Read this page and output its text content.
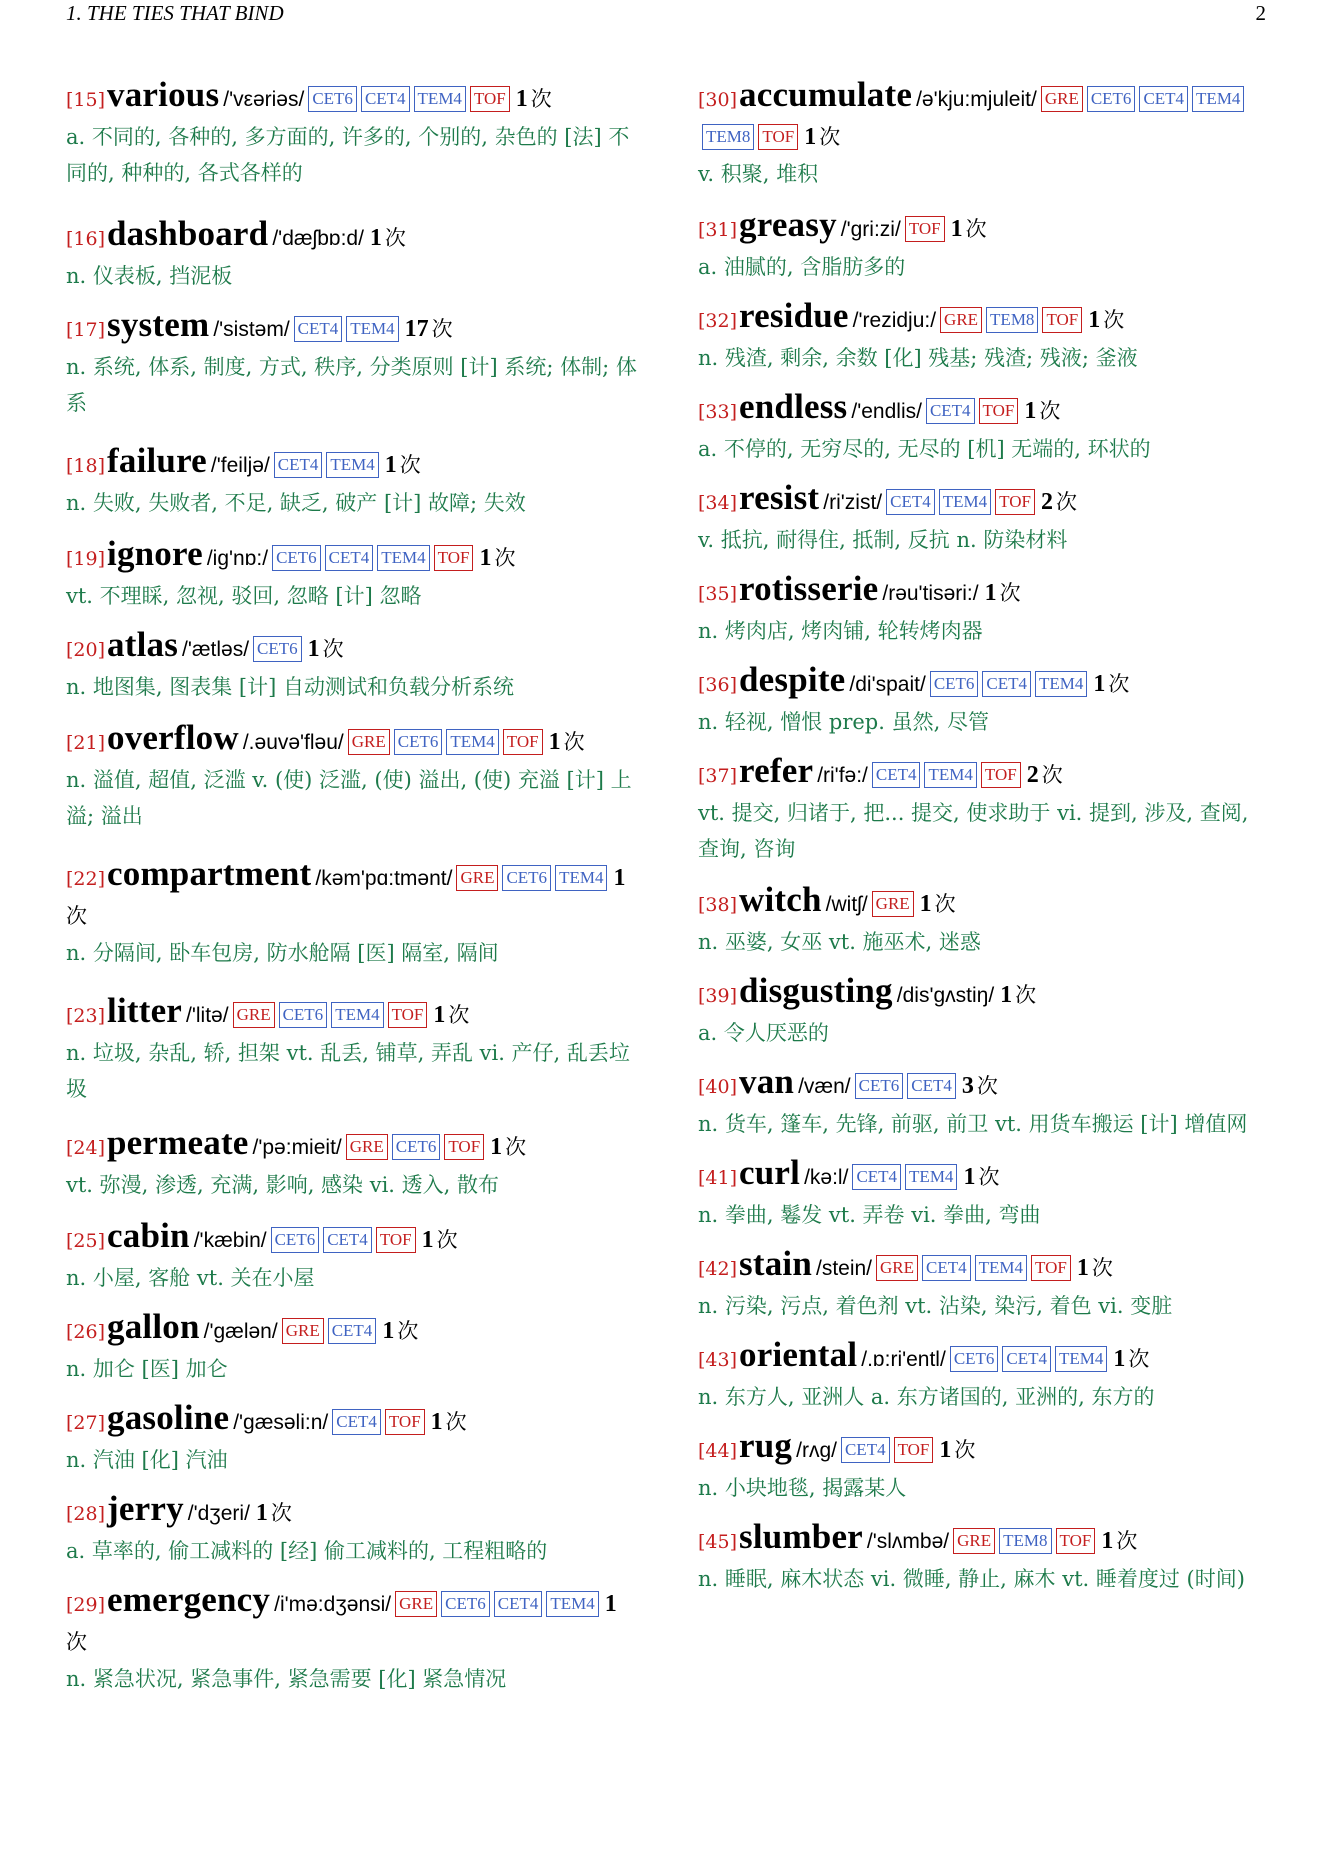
1. THE TIES THAT BIND	2
[15]various /'vεəriəs/ CET6 CET4 TEM4 TOF 1 次
a. 不同的, 各种的, 多方面的, 许多的, 个别的, 杂色的 [法] 不同的, 种种的, 各式各样的
[16]dashboard /'dæʃbɒ:d/ 1 次
n. 仪表板, 挡泥板
[17]system /'sistəm/ CET4 TEM4 17 次
n. 系统, 体系, 制度, 方式, 秩序, 分类原则 [计] 系统; 体制; 体系
[18]failure /'feiljə/ CET4 TEM4 1 次
n. 失败, 失败者, 不足, 缺乏, 破产 [计] 故障; 失效
[19]ignore /ig'nɒ:/ CET6 CET4 TEM4 TOF 1 次
vt. 不理睬, 忽视, 驳回, 忽略 [计] 忽略
[20]atlas /'ætləs/ CET6 1 次
n. 地图集, 图表集 [计] 自动测试和负载分析系统
[21]overflow /.əuvə'fləu/ GRE CET6 TEM4 TOF 1 次
n. 溢值, 超值, 泛滥 v. (使) 泛滥, (使) 溢出, (使) 充溢 [计] 上溢; 溢出
[22]compartment /kəm'pɑ:tmənt/ GRE CET6 TEM4 1次
n. 分隔间, 卧车包房, 防水舱隔 [医] 隔室, 隔间
[23]litter /'litə/ GRE CET6 TEM4 TOF 1 次
n. 垃圾, 杂乱, 轿, 担架 vt. 乱丢, 铺草, 弄乱 vi. 产仔, 乱丢垃圾
[24]permeate /'pə:mieit/ GRE CET6 TOF 1 次
vt. 弥漫, 渗透, 充满, 影响, 感染 vi. 透入, 散布
[25]cabin /'kæbin/ CET6 CET4 TOF 1 次
n. 小屋, 客舱 vt. 关在小屋
[26]gallon /'gælən/ GRE CET4 1 次
n. 加仑 [医] 加仑
[27]gasoline /'gæsəli:n/ CET4 TOF 1 次
n. 汽油 [化] 汽油
[28]jerry /'dʒeri/ 1 次
a. 草率的, 偷工减料的 [经] 偷工减料的, 工程粗略的
[29]emergency /i'mə:dʒənsi/ GRE CET6 CET4 TEM4 1次
n. 紧急状况, 紧急事件, 紧急需要 [化] 紧急情况
[30]accumulate /ə'kju:mjuleit/ GRE CET6 CET4 TEM4TEM8 TOF 1 次
v. 积聚, 堆积
[31]greasy /'gri:zi/ TOF 1 次
a. 油腻的, 含脂肪多的
[32]residue /'rezidju:/ GRE TEM8 TOF 1 次
n. 残渣, 剩余, 余数 [化] 残基; 残渣; 残液; 釜液
[33]endless /'endlis/ CET4 TOF 1 次
a. 不停的, 无穷尽的, 无尽的 [机] 无端的, 环状的
[34]resist /ri'zist/ CET4 TEM4 TOF 2 次
v. 抵抗, 耐得住, 抵制, 反抗 n. 防染材料
[35]rotisserie /rəu'tisəri:/ 1 次
n. 烤肉店, 烤肉铺, 轮转烤肉器
[36]despite /di'spait/ CET6 CET4 TEM4 1 次
n. 轻视, 憎恨 prep. 虽然, 尽管
[37]refer /ri'fə:/ CET4 TEM4 TOF 2 次
vt. 提交, 归诸于, 把... 提交, 使求助于 vi. 提到, 涉及, 查阅, 查询, 咨询
[38]witch /witʃ/ GRE 1 次
n. 巫婆, 女巫 vt. 施巫术, 迷惑
[39]disgusting /dis'gʌstiŋ/ 1 次
a. 令人厌恶的
[40]van /væn/ CET6 CET4 3 次
n. 货车, 篷车, 先锋, 前驱, 前卫 vt. 用货车搬运 [计] 增值网
[41]curl /kə:l/ CET4 TEM4 1 次
n. 拳曲, 鬈发 vt. 弄卷 vi. 拳曲, 弯曲
[42]stain /stein/ GRE CET4 TEM4 TOF 1 次
n. 污染, 污点, 着色剂 vt. 沾染, 染污, 着色 vi. 变脏
[43]oriental /.ɒ:ri'entl/ CET6 CET4 TEM4 1 次
n. 东方人, 亚洲人 a. 东方诸国的, 亚洲的, 东方的
[44]rug /rʌg/ CET4 TOF 1 次
n. 小块地毯, 揭露某人
[45]slumber /'slʌmbə/ GRE TEM8 TOF 1 次
n. 睡眠, 麻木状态 vi. 微睡, 静止, 麻木 vt. 睡着度过 (时间)
